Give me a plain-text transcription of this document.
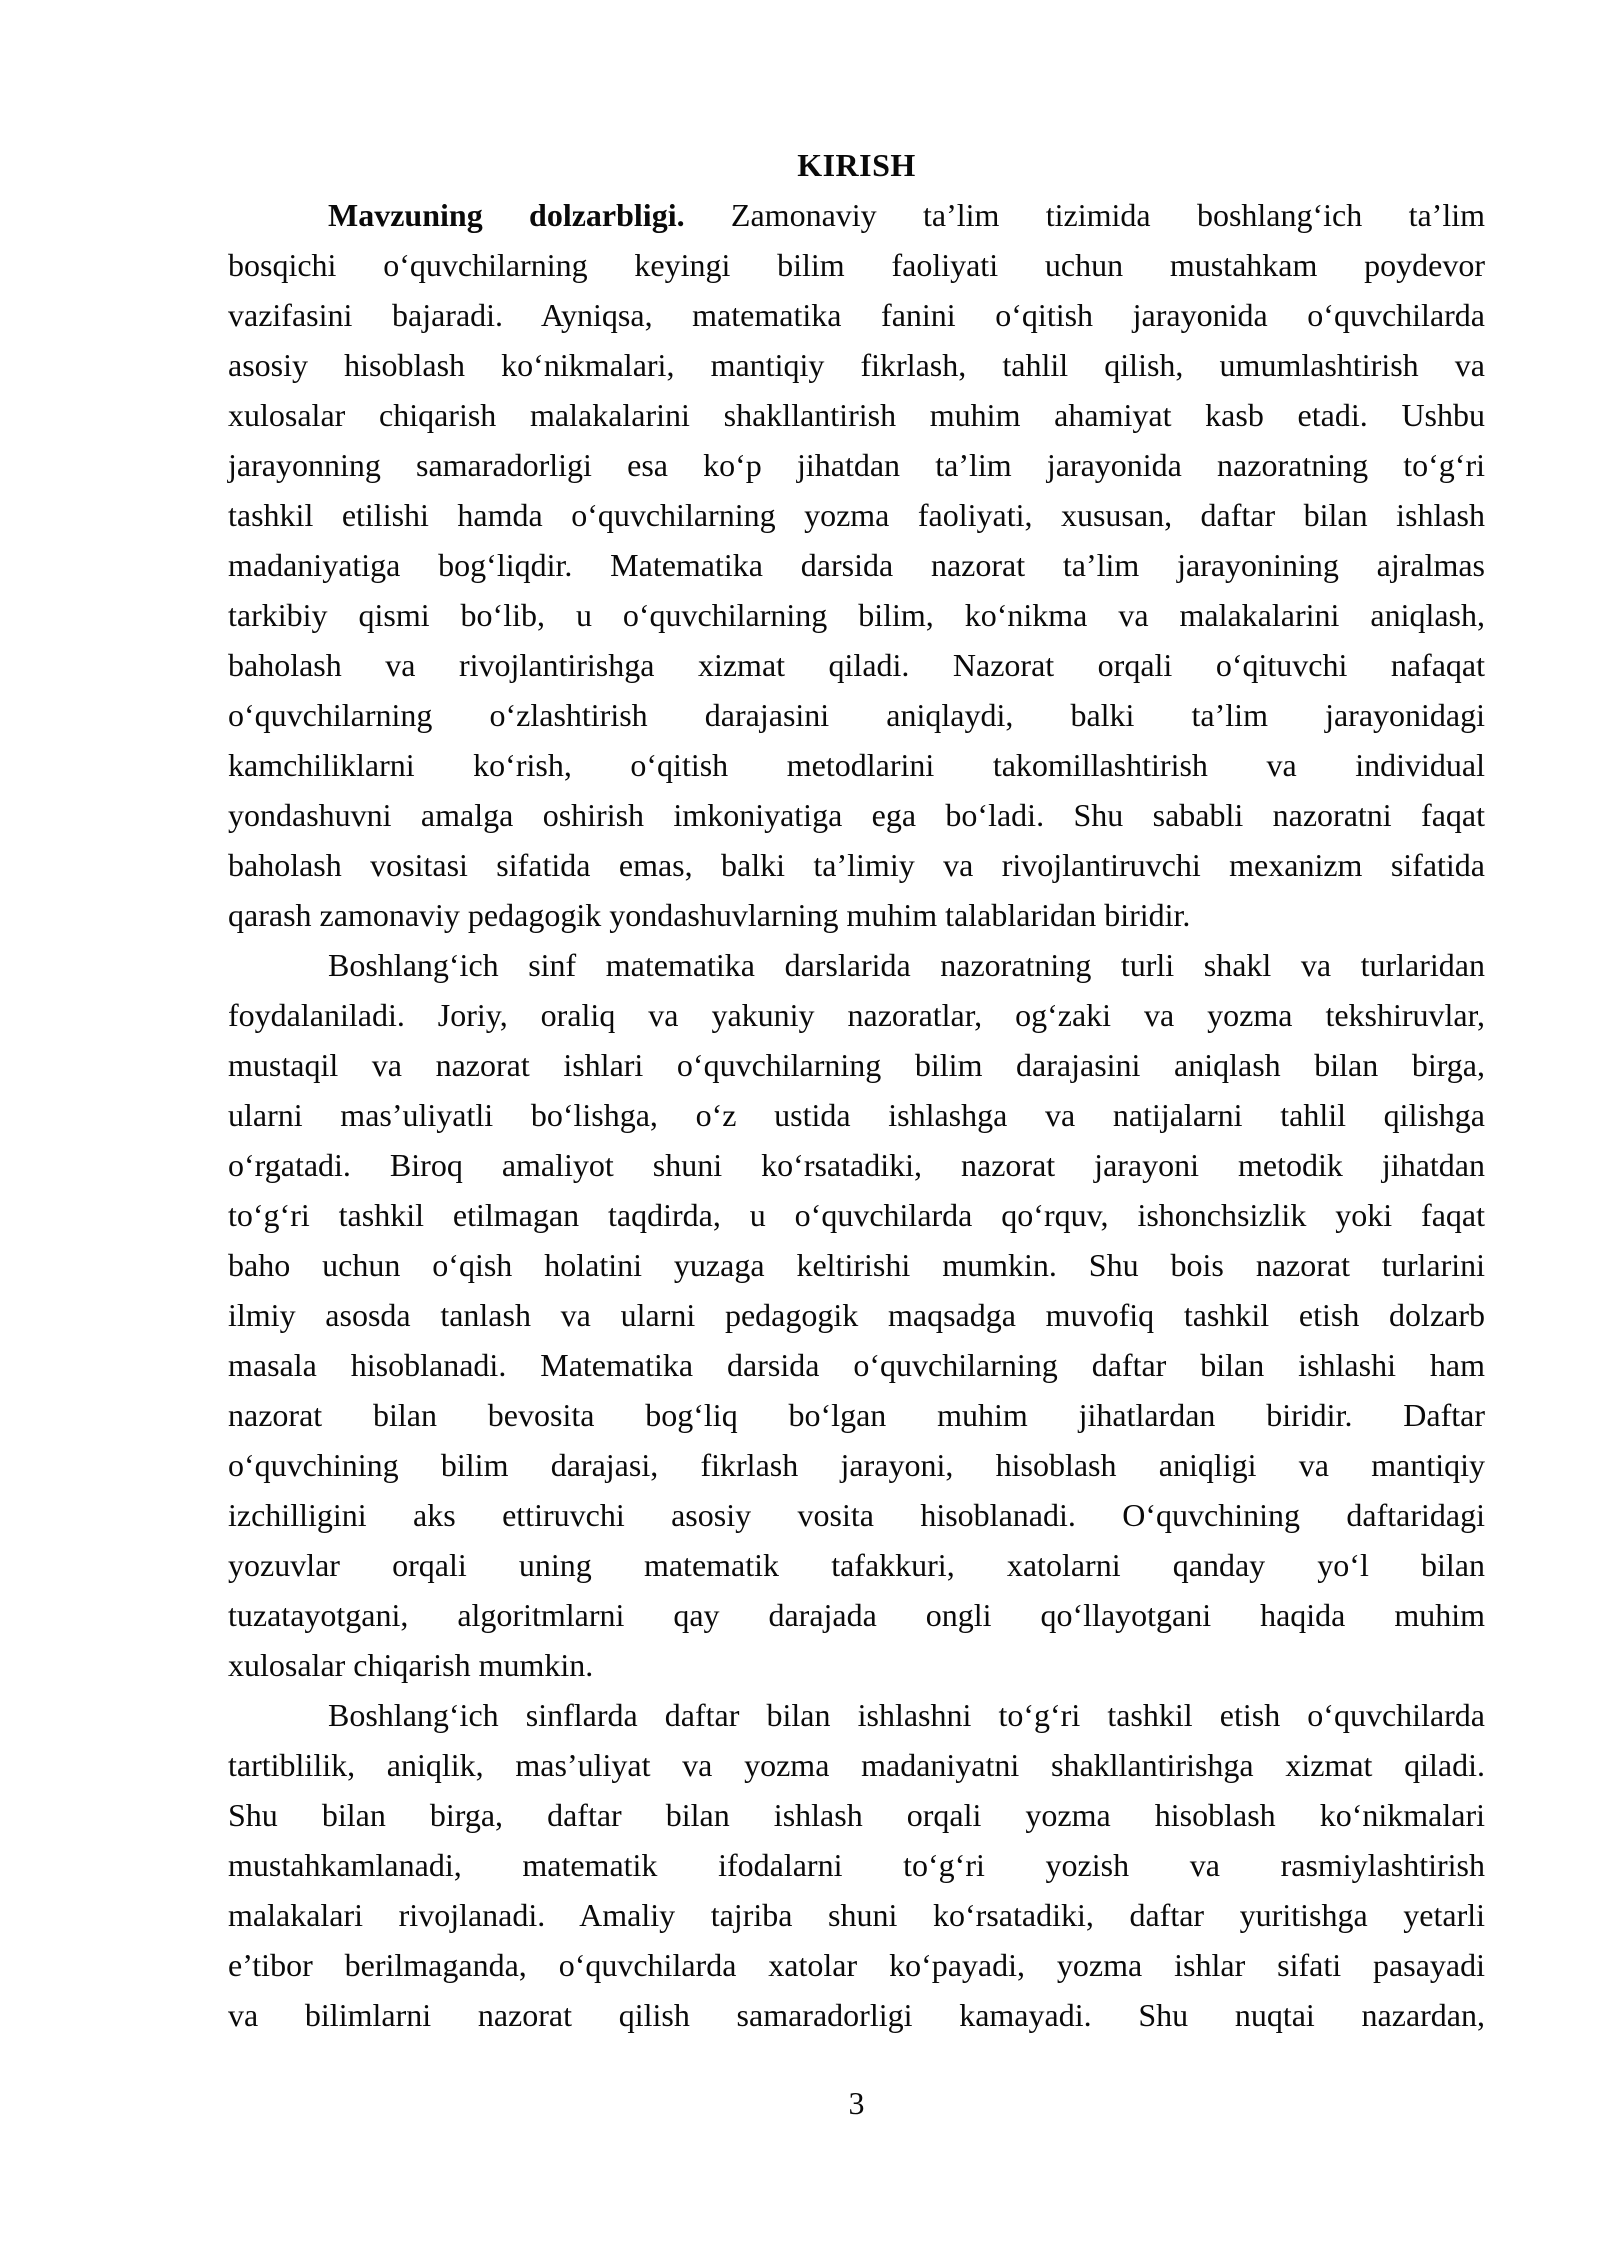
KIRISH
Mavzuning dolzarbligi. Zamonaviy ta’lim tizimida boshlangʻich ta’lim
bosqichi oʻquvchilarning keyingi bilim faoliyati uchun mustahkam poydevor
vazifasini bajaradi. Ayniqsa, matematika fanini oʻqitish jarayonida oʻquvchilarda
asosiy hisoblash koʻnikmalari, mantiqiy fikrlash, tahlil qilish, umumlashtirish va
xulosalar chiqarish malakalarini shakllantirish muhim ahamiyat kasb etadi. Ushbu
jarayonning samaradorligi esa koʻp jihatdan ta’lim jarayonida nazoratning toʻgʻri
tashkil etilishi hamda oʻquvchilarning yozma faoliyati, xususan, daftar bilan ishlash
madaniyatiga bogʻliqdir. Matematika darsida nazorat ta’lim jarayonining ajralmas
tarkibiy qismi boʻlib, u oʻquvchilarning bilim, koʻnikma va malakalarini aniqlash,
baholash va rivojlantirishga xizmat qiladi. Nazorat orqali oʻqituvchi nafaqat
oʻquvchilarning oʻzlashtirish darajasini aniqlaydi, balki ta’lim jarayonidagi
kamchiliklarni koʻrish, oʻqitish metodlarini takomillashtirish va individual
yondashuvni amalga oshirish imkoniyatiga ega boʻladi. Shu sababli nazoratni faqat
baholash vositasi sifatida emas, balki ta’limiy va rivojlantiruvchi mexanizm sifatida
qarash zamonaviy pedagogik yondashuvlarning muhim talablaridan biridir.
Boshlangʻich sinf matematika darslarida nazoratning turli shakl va turlaridan
foydalaniladi. Joriy, oraliq va yakuniy nazoratlar, ogʻzaki va yozma tekshiruvlar,
mustaqil va nazorat ishlari oʻquvchilarning bilim darajasini aniqlash bilan birga,
ularni mas’uliyatli boʻlishga, oʻz ustida ishlashga va natijalarni tahlil qilishga
oʻrgatadi. Biroq amaliyot shuni koʻrsatadiki, nazorat jarayoni metodik jihatdan
toʻgʻri tashkil etilmagan taqdirda, u oʻquvchilarda qoʻrquv, ishonchsizlik yoki faqat
baho uchun oʻqish holatini yuzaga keltirishi mumkin. Shu bois nazorat turlarini
ilmiy asosda tanlash va ularni pedagogik maqsadga muvofiq tashkil etish dolzarb
masala hisoblanadi. Matematika darsida oʻquvchilarning daftar bilan ishlashi ham
nazorat bilan bevosita bogʻliq boʻlgan muhim jihatlardan biridir. Daftar
oʻquvchining bilim darajasi, fikrlash jarayoni, hisoblash aniqligi va mantiqiy
izchilligini aks ettiruvchi asosiy vosita hisoblanadi. Oʻquvchining daftaridagi
yozuvlar orqali uning matematik tafakkuri, xatolarni qanday yoʻl bilan
tuzatayotgani, algoritmlarni qay darajada ongli qoʻllayotgani haqida muhim
xulosalar chiqarish mumkin.
Boshlangʻich sinflarda daftar bilan ishlashni toʻgʻri tashkil etish oʻquvchilarda
tartiblilik, aniqlik, mas’uliyat va yozma madaniyatni shakllantirishga xizmat qiladi.
Shu bilan birga, daftar bilan ishlash orqali yozma hisoblash koʻnikmalari
mustahkamlanadi, matematik ifodalarni toʻgʻri yozish va rasmiylashtirish
malakalari rivojlanadi. Amaliy tajriba shuni koʻrsatadiki, daftar yuritishga yetarli
e’tibor berilmaganda, oʻquvchilarda xatolar koʻpayadi, yozma ishlar sifati pasayadi
va bilimlarni nazorat qilish samaradorligi kamayadi. Shu nuqtai nazardan,
3
